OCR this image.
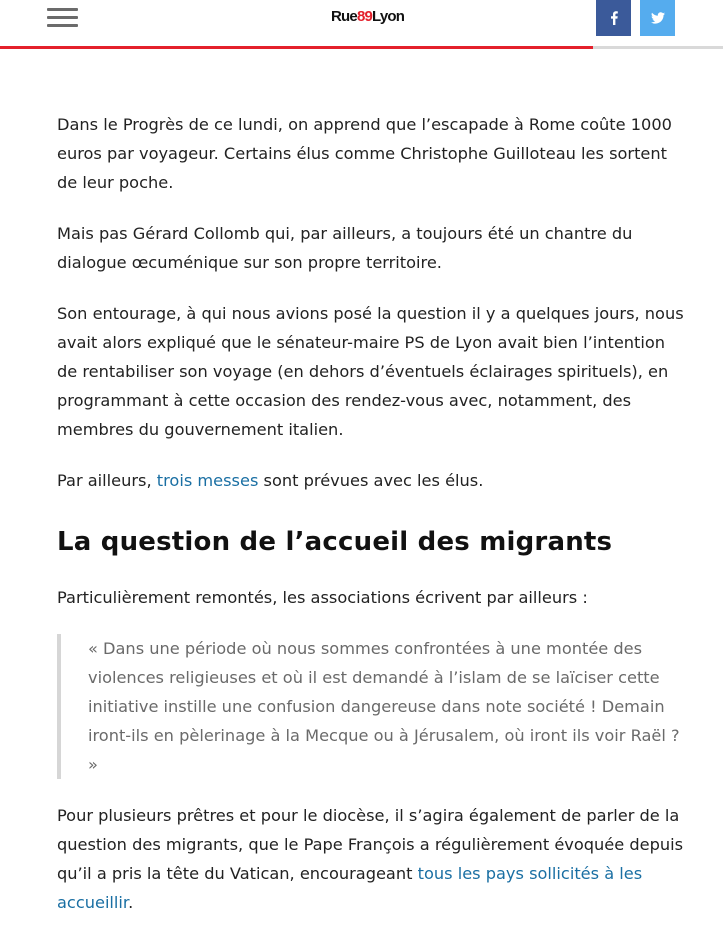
Rue89Lyon

Dans le Progrès de ce lundi, on apprend que l’escapade à Rome coûte 1000 euros par voyageur. Certains élus comme Christophe Guilloteau les sortent de leur poche.

Mais pas Gérard Collomb qui, par ailleurs, a toujours été un chantre du dialogue œcuménique sur son propre territoire.

Son entourage, à qui nous avions posé la question il y a quelques jours, nous avait alors expliqué que le sénateur-maire PS de Lyon avait bien l’intention de rentabiliser son voyage (en dehors d’éventuels éclairages spirituels), en programmant à cette occasion des rendez-vous avec, notamment, des membres du gouvernement italien.

Par ailleurs, trois messes sont prévues avec les élus.

La question de l’accueil des migrants

Particulièrement remontés, les associations écrivent par ailleurs :

« Dans une période où nous sommes confrontées à une montée des violences religieuses et où il est demandé à l’islam de se laïciser cette initiative instille une confusion dangereuse dans note société ! Demain iront-ils en pèlerinage à la Mecque ou à Jérusalem, où iront ils voir Raël ? »

Pour plusieurs prêtres et pour le diocèse, il s’agira également de parler de la question des migrants, que le Pape François a régulièrement évoquée depuis qu’il a pris la tête du Vatican, encourageant tous les pays sollicités à les accueillir.
